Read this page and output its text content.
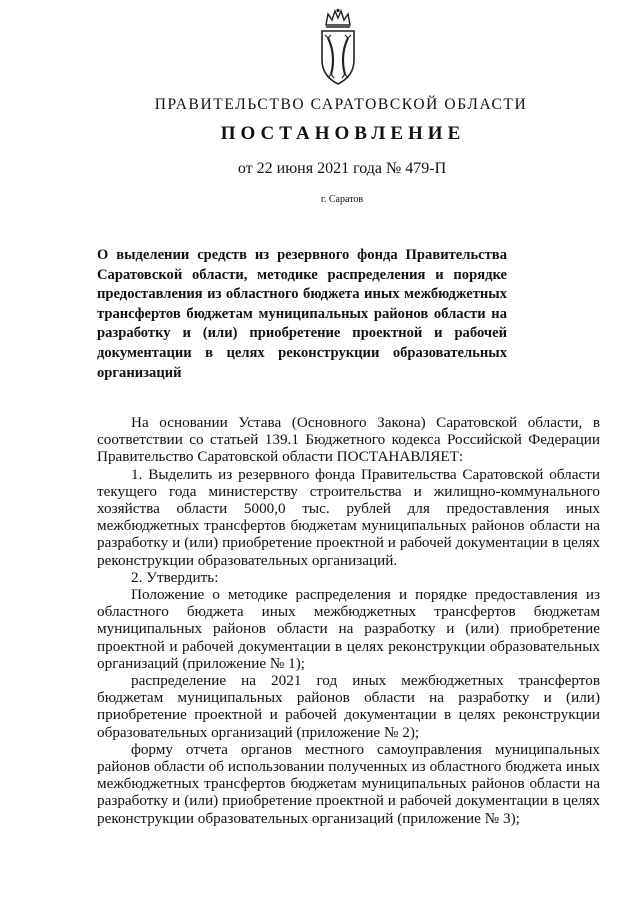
ПРАВИТЕЛЬСТВО САРАТОВСКОЙ ОБЛАСТИ
ПОСТАНОВЛЕНИЕ
от 22 июня 2021 года № 479-П
г. Саратов
О выделении средств из резервного фонда Правительства Саратовской области, методике распределения и порядке предоставления из областного бюджета иных межбюджетных трансфертов бюджетам муниципальных районов области на разработку и (или) приобретение проектной и рабочей документации в целях реконструкции образовательных организаций

На основании Устава (Основного Закона) Саратовской области, в соответствии со статьей 139.1 Бюджетного кодекса Российской Федерации Правительство Саратовской области ПОСТАНАВЛЯЕТ:

1. Выделить из резервного фонда Правительства Саратовской области текущего года министерству строительства и жилищно-коммунального хозяйства области 5000,0 тыс. рублей для предоставления иных межбюджетных трансфертов бюджетам муниципальных районов области на разработку и (или) приобретение проектной и рабочей документации в целях реконструкции образовательных организаций.

2. Утвердить:

Положение о методике распределения и порядке предоставления из областного бюджета иных межбюджетных трансфертов бюджетам муниципальных районов области на разработку и (или) приобретение проектной и рабочей документации в целях реконструкции образовательных организаций (приложение № 1);

распределение на 2021 год иных межбюджетных трансфертов бюджетам муниципальных районов области на разработку и (или) приобретение проектной и рабочей документации в целях реконструкции образовательных организаций (приложение № 2);

форму отчета органов местного самоуправления муниципальных районов области об использовании полученных из областного бюджета иных межбюджетных трансфертов бюджетам муниципальных районов области на разработку и (или) приобретение проектной и рабочей документации в целях реконструкции образовательных организаций (приложение № 3);
